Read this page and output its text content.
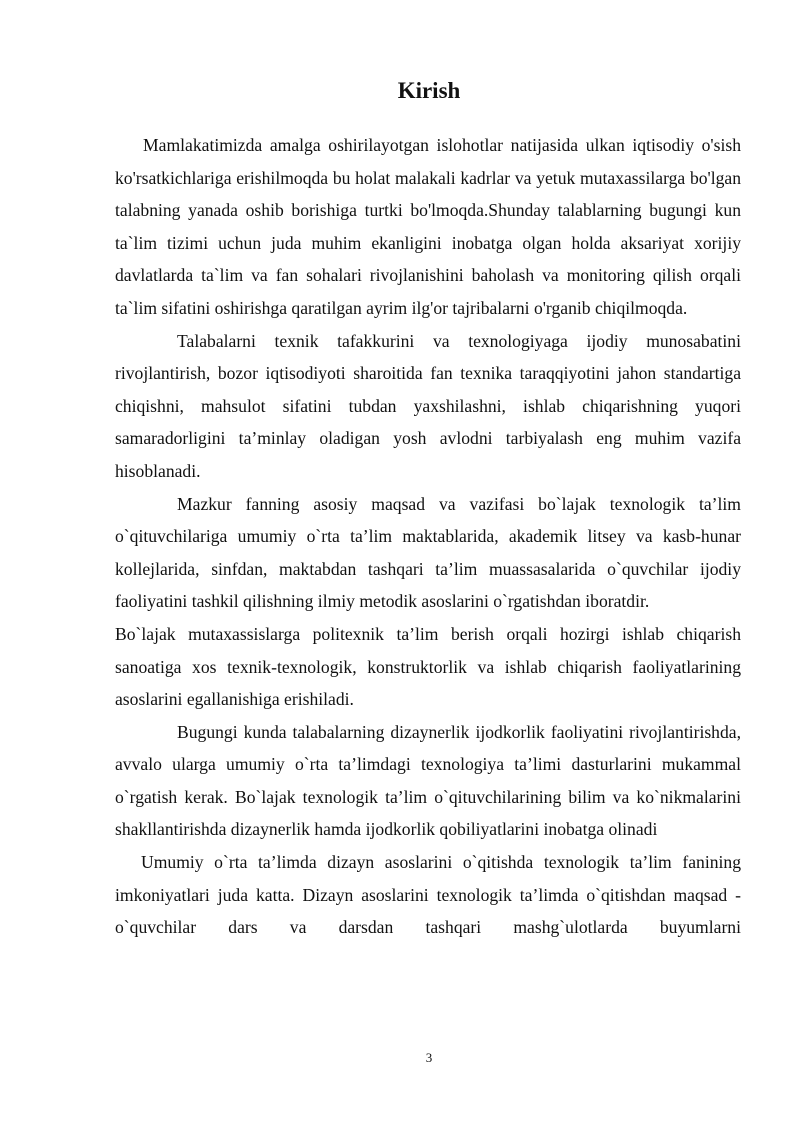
Kirish

Mamlakatimizda amalga oshirilayotgan islohotlar natijasida ulkan iqtisodiy o'sish ko'rsatkichlariga erishilmoqda bu holat malakali kadrlar va yetuk mutaxassilarga bo'lgan talabning yanada oshib borishiga turtki bo'lmoqda.Shunday talablarning bugungi kun ta`lim tizimi uchun juda muhim ekanligini inobatga olgan holda aksariyat xorijiy davlatlarda ta`lim va fan sohalari rivojlanishini baholash va monitoring qilish orqali ta`lim sifatini oshirishga qaratilgan ayrim ilg'or tajribalarni o'rganib chiqilmoqda.

Talabalarni texnik tafakkurini va texnologiyaga ijodiy munosabatini rivojlantirish, bozor iqtisodiyoti sharoitida fan texnika taraqqiyotini jahon standartiga chiqishni, mahsulot sifatini tubdan yaxshilashni, ishlab chiqarishning yuqori samaradorligini ta’minlay oladigan yosh avlodni tarbiyalash eng muhim vazifa hisoblanadi.

Mazkur fanning asosiy maqsad va vazifasi bo`lajak texnologik ta’lim o`qituvchilariga umumiy o`rta ta’lim maktablarida, akademik litsey va kasb-hunar kollejlarida, sinfdan, maktabdan tashqari ta’lim muassasalarida o`quvchilar ijodiy faoliyatini tashkil qilishning ilmiy metodik asoslarini o`rgatishdan iboratdir.

Bo`lajak mutaxassislarga politexnik ta’lim berish orqali hozirgi ishlab chiqarish sanoatiga xos texnik-texnologik, konstruktorlik va ishlab chiqarish faoliyatlarining asoslarini egallanishiga erishiladi.

Bugungi kunda talabalarning dizaynerlik ijodkorlik faoliyatini rivojlantirishda, avvalo ularga umumiy o`rta ta’limdagi texnologiya ta’limi dasturlarini mukammal o`rgatish kerak. Bo`lajak texnologik ta’lim o`qituvchilarining bilim va ko`nikmalarini shakllantirishda dizaynerlik hamda ijodkorlik qobiliyatlarini inobatga olinadi

Umumiy o`rta ta’limda dizayn asoslarini o`qitishda texnologik ta’lim fanining imkoniyatlari juda katta. Dizayn asoslarini texnologik ta’limda o`qitishdan maqsad - o`quvchilar dars va darsdan tashqari mashg`ulotlarda buyumlarni

3
